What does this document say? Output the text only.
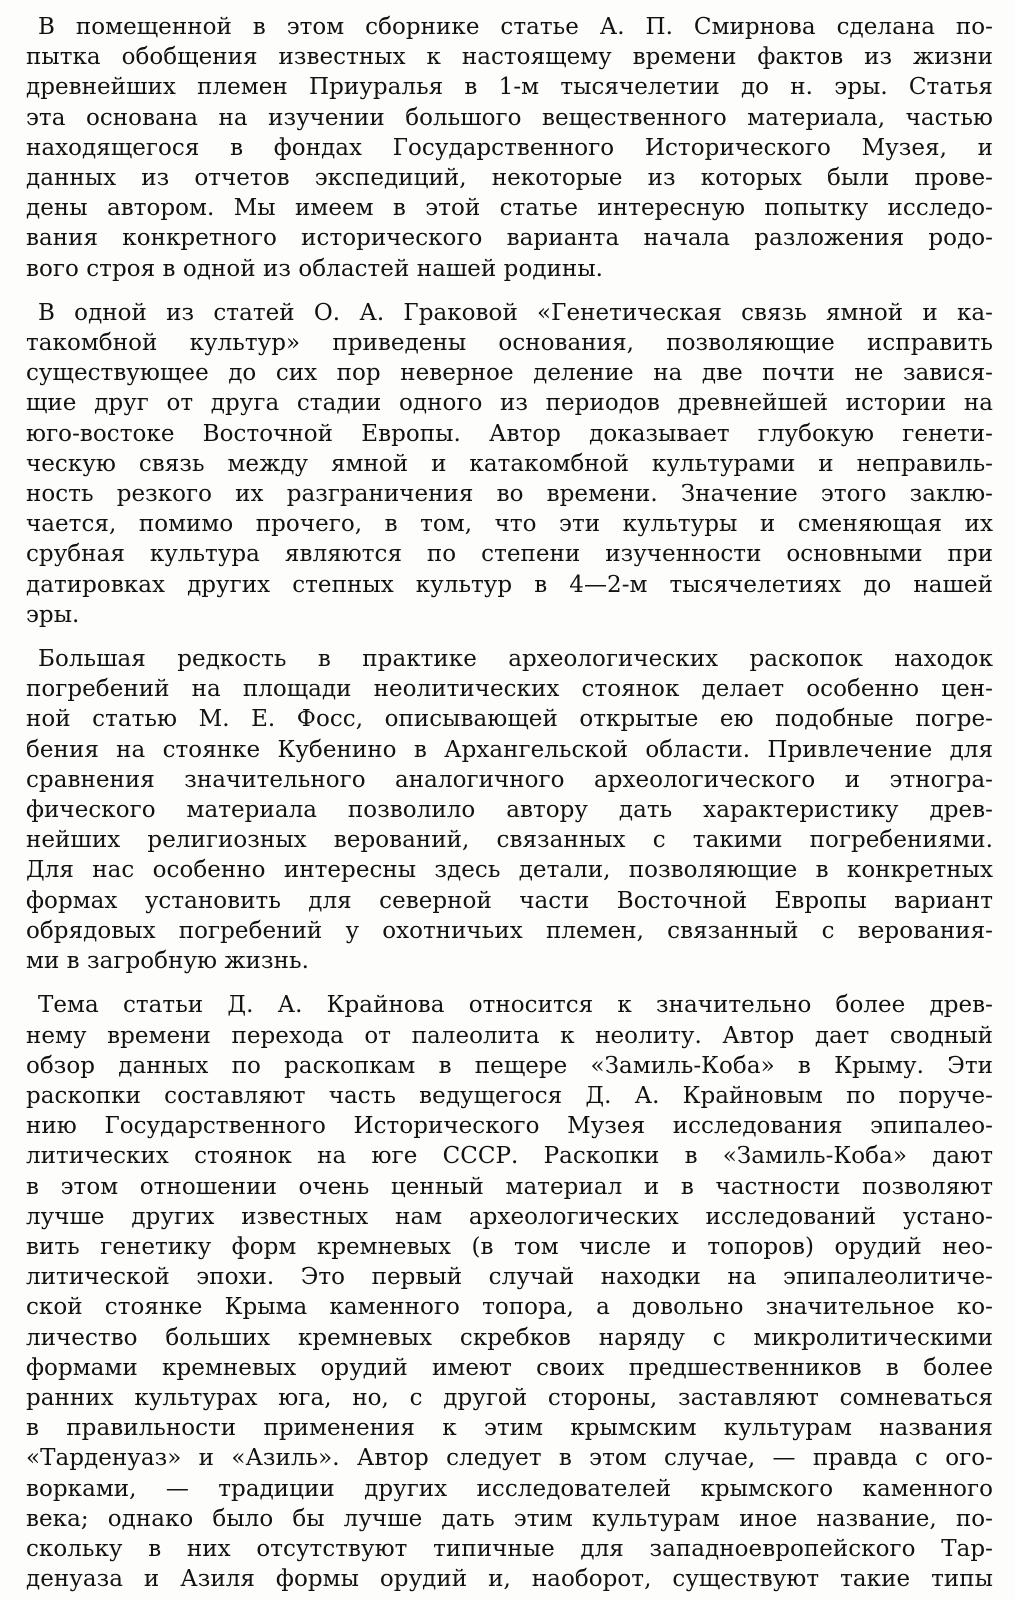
В помещенной в этом сборнике статье А. П. Смирнова сделана по-
пытка обобщения известных к настоящему времени фактов из жизни
древнейших племен Приуралья в 1-м тысячелетии до н. эры. Статья
эта основана на изучении большого вещественного материала, частью
находящегося в фондах Государственного Исторического Музея, и
данных из отчетов экспедиций, некоторые из которых были прове-
дены автором. Мы имеем в этой статье интересную попытку исследо-
вания конкретного исторического варианта начала разложения родо-
вого строя в одной из областей нашей родины.
В одной из статей О. А. Граковой «Генетическая связь ямной и ка-
такомбной культур» приведены основания, позволяющие исправить
существующее до сих пор неверное деление на две почти не завися-
щие друг от друга стадии одного из периодов древнейшей истории на
юго-востоке Восточной Европы. Автор доказывает глубокую генети-
ческую связь между ямной и катакомбной культурами и неправиль-
ность резкого их разграничения во времени. Значение этого заклю-
чается, помимо прочего, в том, что эти культуры и сменяющая их
срубная культура являются по степени изученности основными при
датировках других степных культур в 4—2-м тысячелетиях до нашей
эры.
Большая редкость в практике археологических раскопок находок
погребений на площади неолитических стоянок делает особенно цен-
ной статью М. Е. Фосс, описывающей открытые ею подобные погре-
бения на стоянке Кубенино в Архангельской области. Привлечение для
сравнения значительного аналогичного археологического и этногра-
фического материала позволило автору дать характеристику древ-
нейших религиозных верований, связанных с такими погребениями.
Для нас особенно интересны здесь детали, позволяющие в конкретных
формах установить для северной части Восточной Европы вариант
обрядовых погребений у охотничьих племен, связанный с верования-
ми в загробную жизнь.
Тема статьи Д. А. Крайнова относится к значительно более древ-
нему времени перехода от палеолита к неолиту. Автор дает сводный
обзор данных по раскопкам в пещере «Замиль-Коба» в Крыму. Эти
раскопки составляют часть ведущегося Д. А. Крайновым по поруче-
нию Государственного Исторического Музея исследования эпипалео-
литических стоянок на юге СССР. Раскопки в «Замиль-Коба» дают
в этом отношении очень ценный материал и в частности позволяют
лучше других известных нам археологических исследований устано-
вить генетику форм кремневых (в том числе и топоров) орудий нео-
литической эпохи. Это первый случай находки на эпипалеолитиче-
ской стоянке Крыма каменного топора, а довольно значительное ко-
личество больших кремневых скребков наряду с микролитическими
формами кремневых орудий имеют своих предшественников в более
ранних культурах юга, но, с другой стороны, заставляют сомневаться
в правильности применения к этим крымским культурам названия
«Тарденуаз» и «Азиль». Автор следует в этом случае, — правда с ого-
ворками, — традиции других исследователей крымского каменного
века; однако было бы лучше дать этим культурам иное название, по-
скольку в них отсутствуют типичные для западноевропейского Тар-
денуаза и Азиля формы орудий и, наоборот, существуют такие типы
